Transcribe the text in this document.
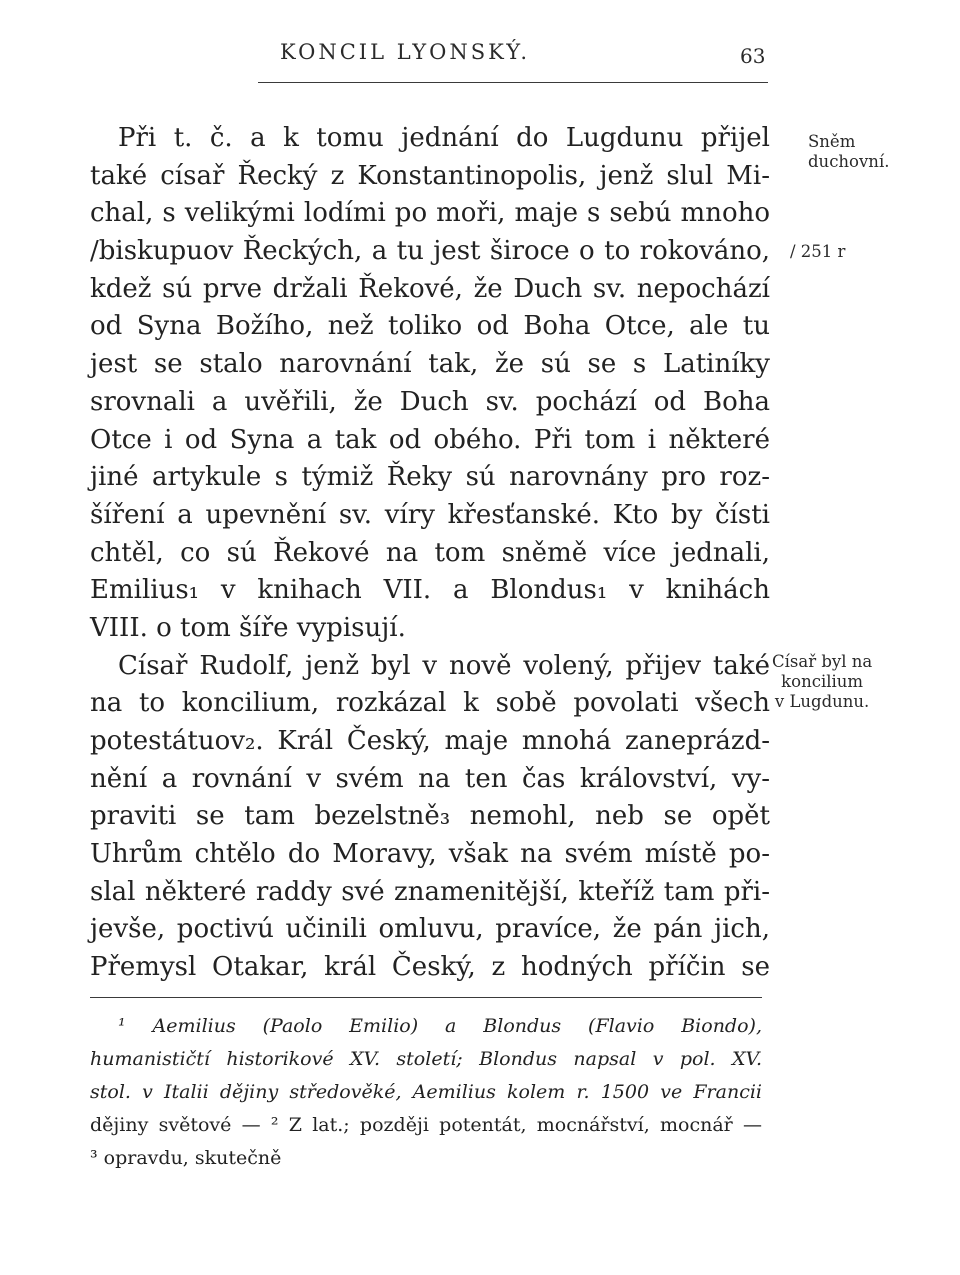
KONCIL LYONSKÝ.	63
Při t. č. a k tomu jednání do Lugdunu přijel
také císař Řecký z Konstantinopolis, jenž slul Mi-
chal, s velikými lodími po moři, maje s sebú mnoho
/biskupuov Řeckých, a tu jest široce o to rokováno,
kdež sú prve držali Řekové, že Duch sv. nepochází
od Syna Božího, než toliko od Boha Otce, ale tu
jest se stalo narovnání tak, že sú se s Latiníky
srovnali a uvěřili, že Duch sv. pochází od Boha
Otce i od Syna a tak od obého. Při tom i některé
jiné artykule s týmiž Řeky sú narovnány pro roz-
šíření a upevnění sv. víry křesťanské. Kto by čísti
chtěl, co sú Řekové na tom sněmě více jednali,
Emilius₁ v knihach VII. a Blondus₁ v knihách
VIII. o tom šíře vypisují.
Císař Rudolf, jenž byl v nově volený, přijev také
na to koncilium, rozkázal k sobě povolati všech
potestátuov₂. Král Český, maje mnohá zaneprázd-
nění a rovnání v svém na ten čas království, vy-
praviti se tam bezelstně₃ nemohl, neb se opět
Uhrům chtělo do Moravy, však na svém místě po-
slal některé raddy své znamenitější, kteříž tam při-
jevše, poctivú učinili omluvu, pravíce, že pán jich,
Přemysl Otakar, král Český, z hodných příčin se
Sněm
duchovní.
/ 251 r
Císař byl na
koncilium
v Lugdunu.
¹ Aemilius (Paolo Emilio) a Blondus (Flavio Biondo),
humanističtí historikové XV. století; Blondus napsal v pol. XV.
stol. v Italii dějiny středověké, Aemilius kolem r. 1500 ve Francii
dějiny světové — ² Z lat.; později potentát, mocnářství, mocnář —
³ opravdu, skutečně
